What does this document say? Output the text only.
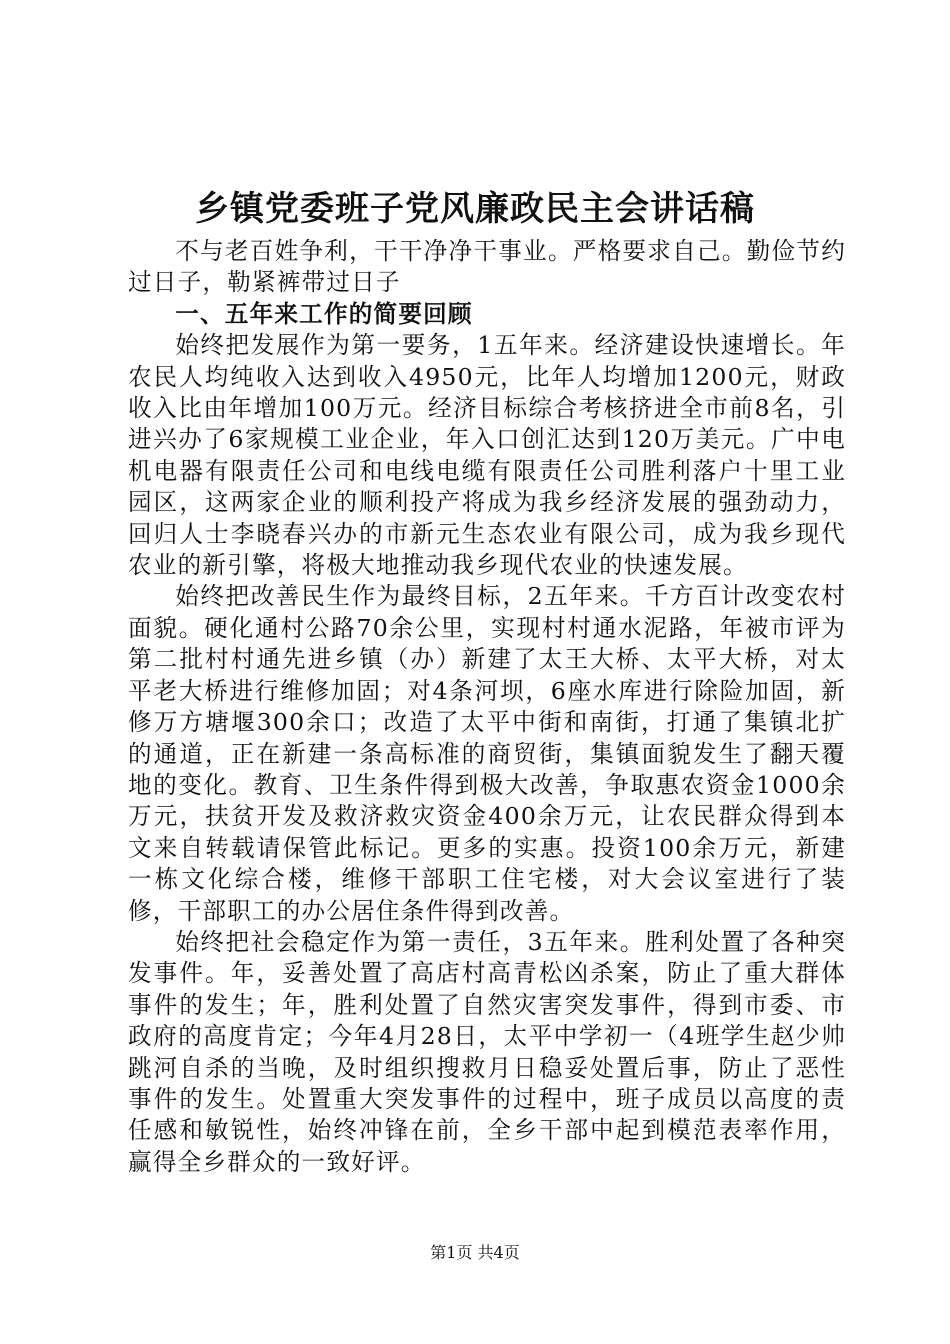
乡镇党委班子党风廉政民主会讲话稿

不与老百姓争利，干干净净干事业。严格要求自己。勤俭节约过日子，勒紧裤带过日子

一、五年来工作的简要回顾

始终把发展作为第一要务，1五年来。经济建设快速增长。年农民人均纯收入达到收入4950元，比年人均增加1200元，财政收入比由年增加100万元。经济目标综合考核挤进全市前8名，引进兴办了6家规模工业企业，年入口创汇达到120万美元。广中电机电器有限责任公司和电线电缆有限责任公司胜利落户十里工业园区，这两家企业的顺利投产将成为我乡经济发展的强劲动力，回归人士李晓春兴办的市新元生态农业有限公司，成为我乡现代农业的新引擎，将极大地推动我乡现代农业的快速发展。

始终把改善民生作为最终目标，2五年来。千方百计改变农村面貌。硬化通村公路70余公里，实现村村通水泥路，年被市评为第二批村村通先进乡镇（办）新建了太王大桥、太平大桥，对太平老大桥进行维修加固；对4条河坝，6座水库进行除险加固，新修万方塘堰300余口；改造了太平中街和南街，打通了集镇北扩的通道，正在新建一条高标准的商贸街，集镇面貌发生了翻天覆地的变化。教育、卫生条件得到极大改善，争取惠农资金1000余万元，扶贫开发及救济救灾资金400余万元，让农民群众得到本文来自转载请保管此标记。更多的实惠。投资100余万元，新建一栋文化综合楼，维修干部职工住宅楼，对大会议室进行了装修，干部职工的办公居住条件得到改善。

始终把社会稳定作为第一责任，3五年来。胜利处置了各种突发事件。年，妥善处置了高店村高青松凶杀案，防止了重大群体事件的发生；年，胜利处置了自然灾害突发事件，得到市委、市政府的高度肯定；今年4月28日，太平中学初一（4班学生赵少帅跳河自杀的当晚，及时组织搜救月日稳妥处置后事，防止了恶性事件的发生。处置重大突发事件的过程中，班子成员以高度的责任感和敏锐性，始终冲锋在前，全乡干部中起到模范表率作用，赢得全乡群众的一致好评。

第1页 共4页
